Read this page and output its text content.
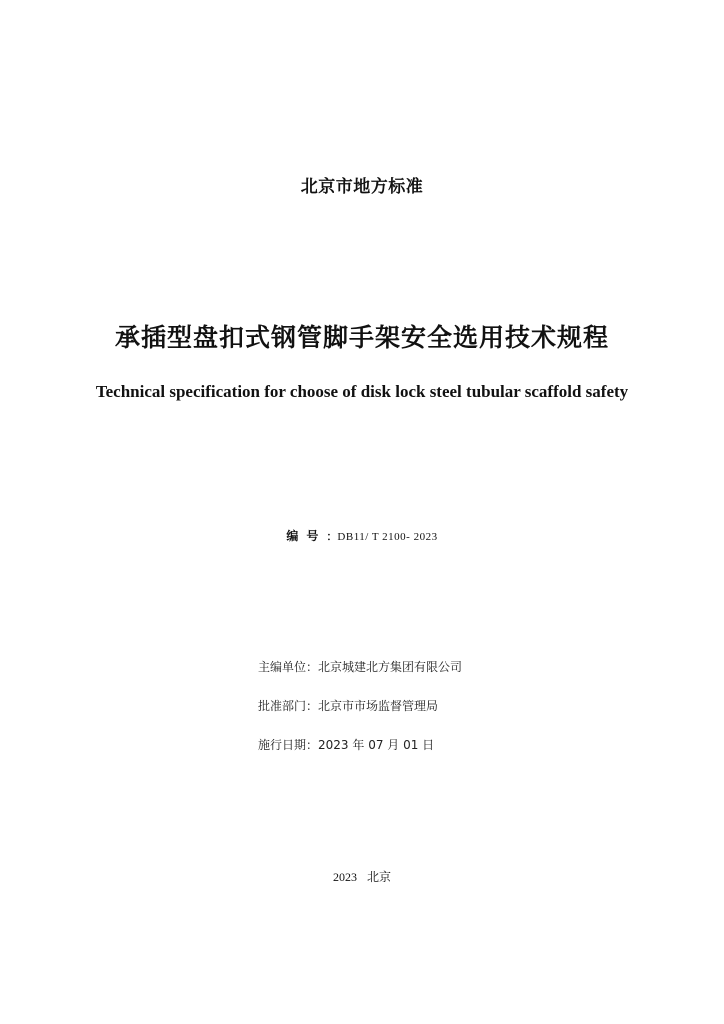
北京市地方标准
承插型盘扣式钢管脚手架安全选用技术规程
Technical specification for choose of disk lock steel tubular scaffold safety
编号：DB11/ T 2100- 2023
主编单位：北京城建北方集团有限公司
批准部门：北京市市场监督管理局
施行日期：2023 年 07 月 01 日
2023 北京
